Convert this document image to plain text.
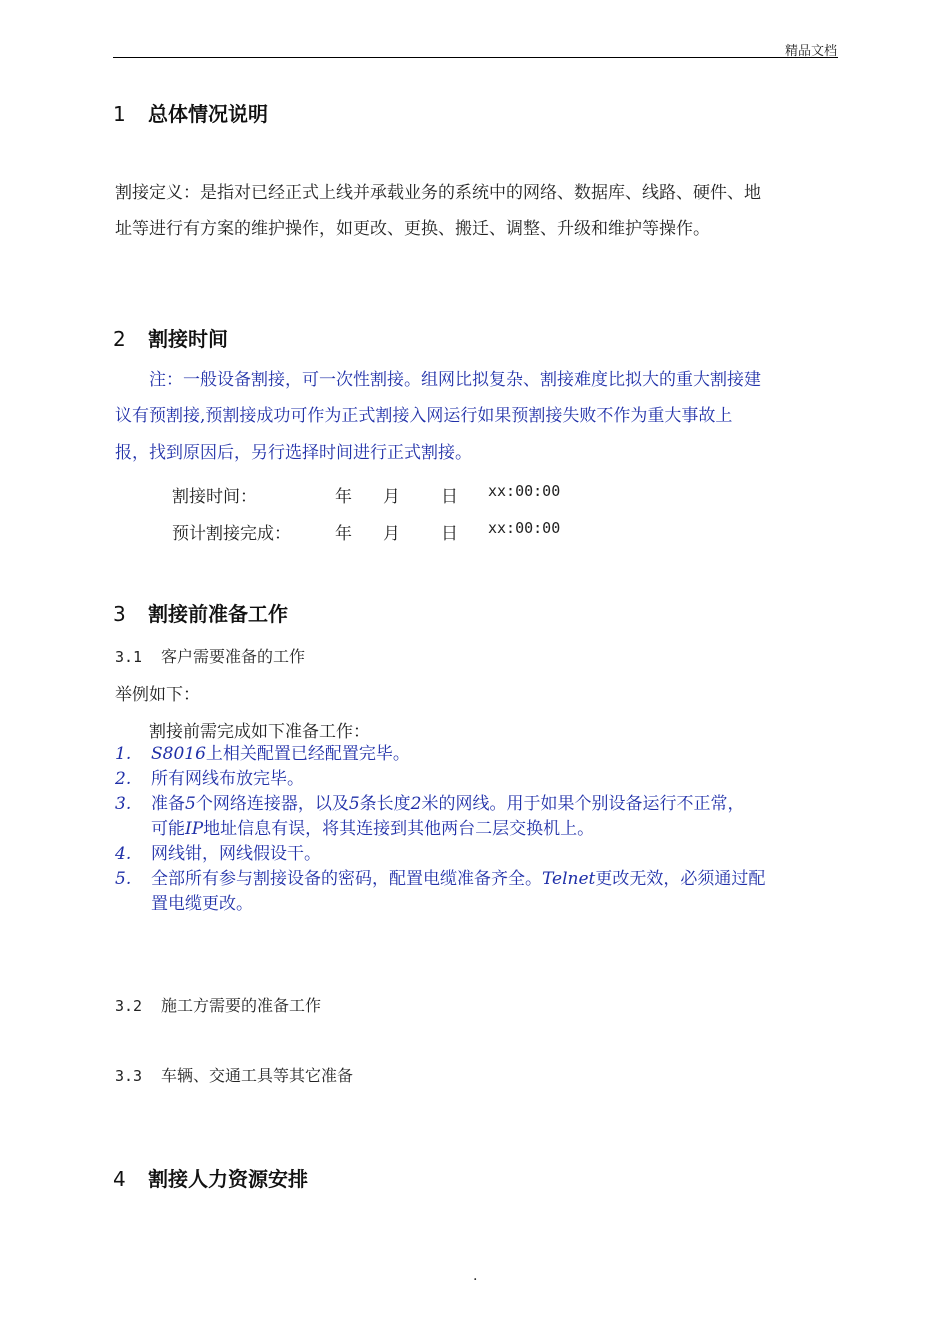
精品文档
1 总体情况说明
割接定义：是指对已经正式上线并承载业务的系统中的网络、数据库、线路、硬件、地
址等进行有方案的维护操作，如更改、更换、搬迁、调整、升级和维护等操作。
2 割接时间
注：一般设备割接，可一次性割接。组网比拟复杂、割接难度比拟大的重大割接建
议有预割接,预割接成功可作为正式割接入网运行如果预割接失败不作为重大事故上
报，找到原因后，另行选择时间进行正式割接。
割接时间：	年 月 日 xx:00:00
预计割接完成：	年 月 日 xx:00:00
3 割接前准备工作
3.1 客户需要准备的工作
举例如下：
割接前需完成如下准备工作：
1. S8016上相关配置已经配置完毕。
2. 所有网线布放完毕。
3. 准备5个网络连接器，以及5条长度2米的网线。用于如果个别设备运行不正常，
可能IP地址信息有误，将其连接到其他两台二层交换机上。
4. 网线钳，网线假设干。
5. 全部所有参与割接设备的密码，配置电缆准备齐全。Telnet更改无效，必须通过配
置电缆更改。
3.2 施工方需要的准备工作
3.3 车辆、交通工具等其它准备
4 割接人力资源安排
.
